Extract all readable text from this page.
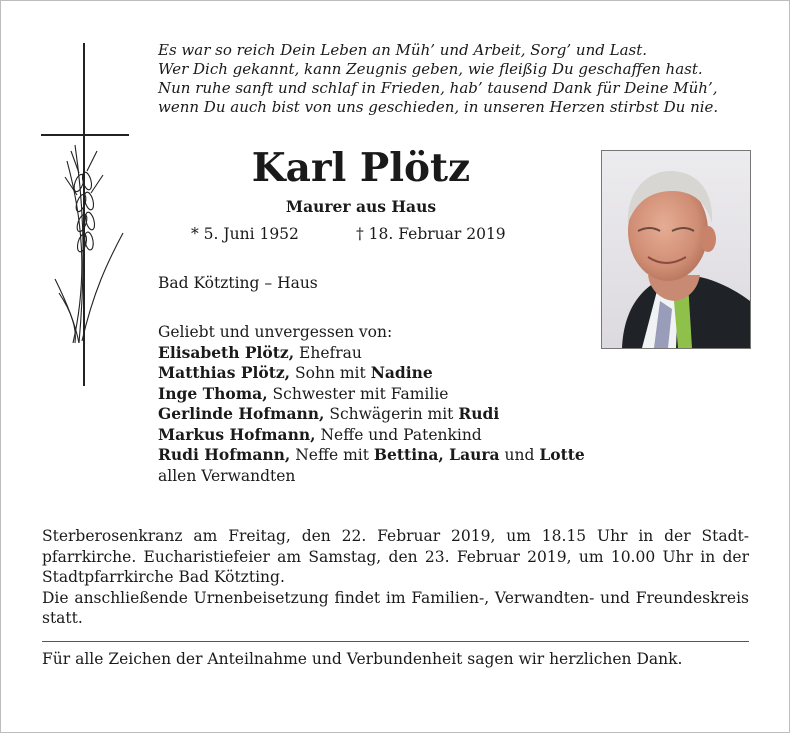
Es war so reich Dein Leben an Müh’ und Arbeit, Sorg’ und Last.
Wer Dich gekannt, kann Zeugnis geben, wie fleißig Du geschaffen hast.
Nun ruhe sanft und schlaf in Frieden, hab’ tausend Dank für Deine Müh’,
wenn Du auch bist von uns geschieden, in unseren Herzen stirbst Du nie.
Karl Plötz
Maurer aus Haus
* 5. Juni 1952	† 18. Februar 2019
Bad Kötzting – Haus
Geliebt und unvergessen von:
Elisabeth Plötz, Ehefrau
Matthias Plötz, Sohn mit Nadine
Inge Thoma, Schwester mit Familie
Gerlinde Hofmann, Schwägerin mit Rudi
Markus Hofmann, Neffe und Patenkind
Rudi Hofmann, Neffe mit Bettina, Laura und Lotte
allen Verwandten

Sterberosenkranz am Freitag, den 22. Februar 2019, um 18.15 Uhr in der Stadtpfarrkirche. Eucharistiefeier am Samstag, den 23. Februar 2019, um 10.00 Uhr in der Stadtpfarrkirche Bad Kötzting.

Die anschließende Urnenbeisetzung findet im Familien-, Verwandten- und Freundeskreis statt.

Für alle Zeichen der Anteilnahme und Verbundenheit sagen wir herzlichen Dank.
